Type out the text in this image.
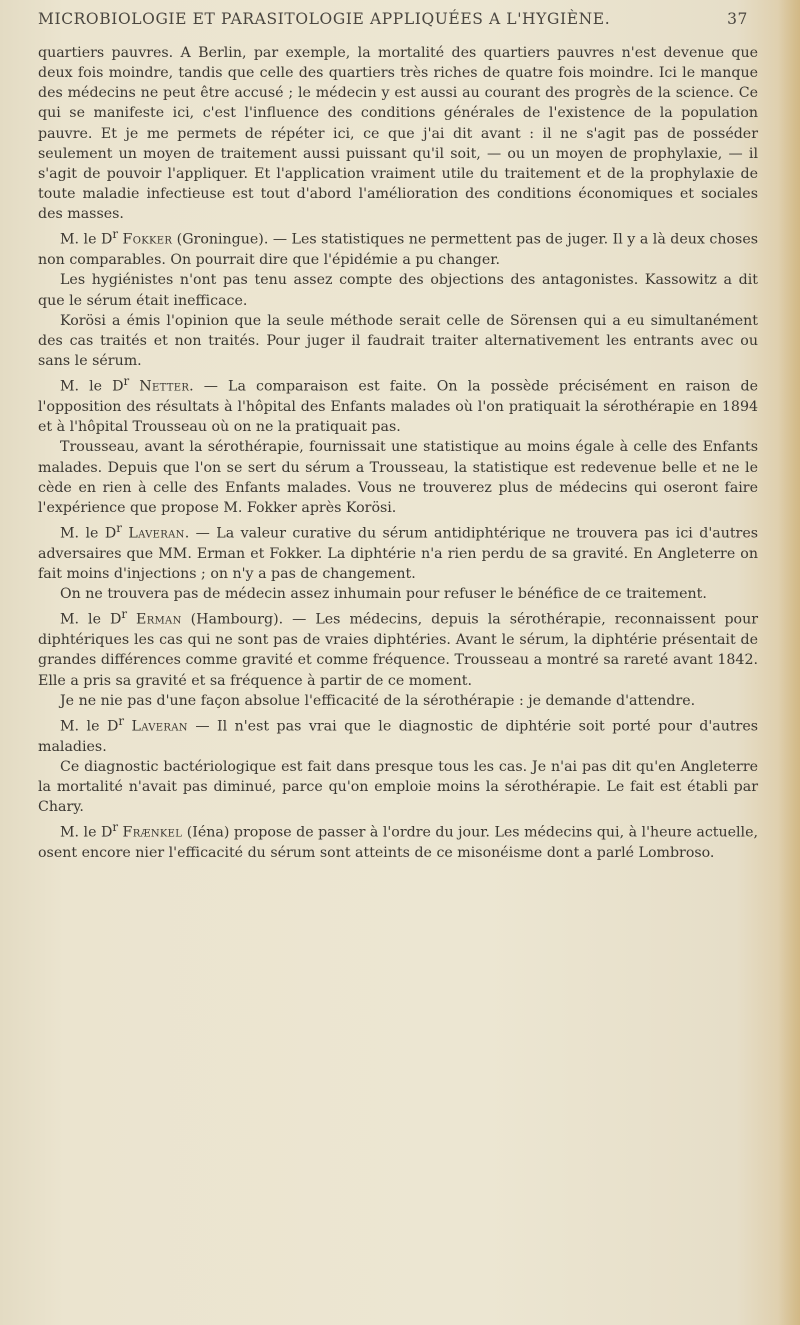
MICROBIOLOGIE ET PARASITOLOGIE APPLIQUÉES A L'HYGIÈNE.	37

quartiers pauvres. A Berlin, par exemple, la mortalité des quartiers pauvres n'est devenue que deux fois moindre, tandis que celle des quartiers très riches de quatre fois moindre. Ici le manque des médecins ne peut être accusé ; le médecin y est aussi au courant des progrès de la science. Ce qui se manifeste ici, c'est l'influence des conditions générales de l'existence de la population pauvre. Et je me permets de répéter ici, ce que j'ai dit avant : il ne s'agit pas de posséder seulement un moyen de traitement aussi puissant qu'il soit, — ou un moyen de prophylaxie, — il s'agit de pouvoir l'appliquer. Et l'application vraiment utile du traitement et de la prophylaxie de toute maladie infectieuse est tout d'abord l'amélioration des conditions économiques et sociales des masses.

M. le $D^r$ Fokker (Groningue). — Les statistiques ne permettent pas de juger. Il y a là deux choses non comparables. On pourrait dire que l'épidémie a pu changer.

Les hygiénistes n'ont pas tenu assez compte des objections des antagonistes. Kassowitz a dit que le sérum était inefficace.

Korösi a émis l'opinion que la seule méthode serait celle de Sörensen qui a eu simultanément des cas traités et non traités. Pour juger il faudrait traiter alternativement les entrants avec ou sans le sérum.

M. le $D^r$ Netter. — La comparaison est faite. On la possède précisément en raison de l'opposition des résultats à l'hôpital des Enfants malades où l'on pratiquait la sérothérapie en 1894 et à l'hôpital Trousseau où on ne la pratiquait pas.

Trousseau, avant la sérothérapie, fournissait une statistique au moins égale à celle des Enfants malades. Depuis que l'on se sert du sérum a Trousseau, la statistique est redevenue belle et ne le cède en rien à celle des Enfants malades. Vous ne trouverez plus de médecins qui oseront faire l'expérience que propose M. Fokker après Korösi.

M. le $D^r$ Laveran. — La valeur curative du sérum antidiphtérique ne trouvera pas ici d'autres adversaires que MM. Erman et Fokker. La diphtérie n'a rien perdu de sa gravité. En Angleterre on fait moins d'injections ; on n'y a pas de changement.

On ne trouvera pas de médecin assez inhumain pour refuser le bénéfice de ce traitement.

M. le $D^r$ Erman (Hambourg). — Les médecins, depuis la sérothérapie, reconnaissent pour diphtériques les cas qui ne sont pas de vraies diphtéries. Avant le sérum, la diphtérie présentait de grandes différences comme gravité et comme fréquence. Trousseau a montré sa rareté avant 1842. Elle a pris sa gravité et sa fréquence à partir de ce moment.

Je ne nie pas d'une façon absolue l'efficacité de la sérothérapie : je demande d'attendre.

M. le $D^r$ Laveran — Il n'est pas vrai que le diagnostic de diphtérie soit porté pour d'autres maladies.

Ce diagnostic bactériologique est fait dans presque tous les cas. Je n'ai pas dit qu'en Angleterre la mortalité n'avait pas diminué, parce qu'on emploie moins la sérothérapie. Le fait est établi par Chary.

M. le $D^r$ Frænkel (Iéna) propose de passer à l'ordre du jour. Les médecins qui, à l'heure actuelle, osent encore nier l'efficacité du sérum sont atteints de ce misonéisme dont a parlé Lombroso.
